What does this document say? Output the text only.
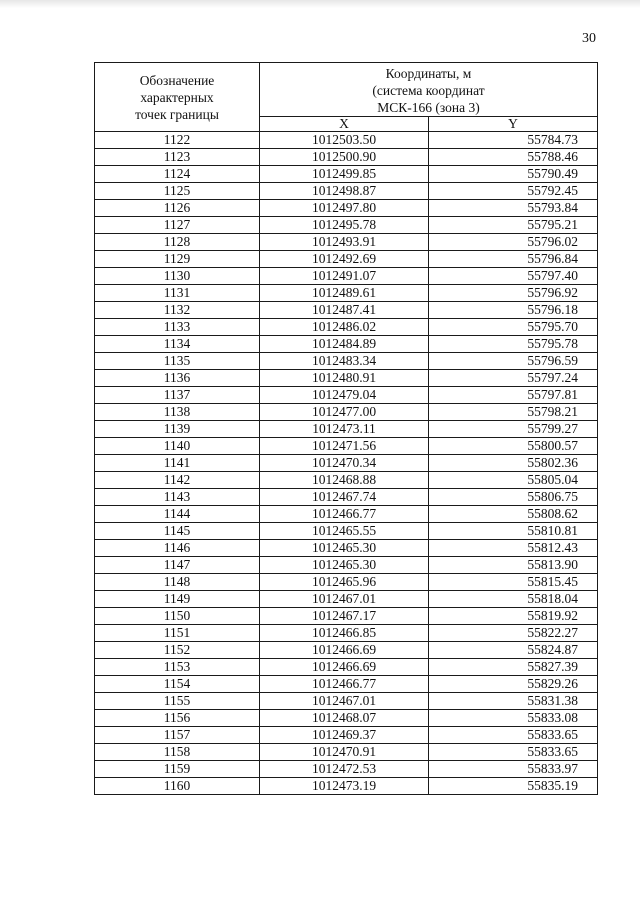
30
Обозначение
характерных
точек границы	Координаты, м
(система координат
МСК-166 (зона 3)	
	X	Y
1122	1012503.50	55784.73
1123	1012500.90	55788.46
1124	1012499.85	55790.49
1125	1012498.87	55792.45
1126	1012497.80	55793.84
1127	1012495.78	55795.21
1128	1012493.91	55796.02
1129	1012492.69	55796.84
1130	1012491.07	55797.40
1131	1012489.61	55796.92
1132	1012487.41	55796.18
1133	1012486.02	55795.70
1134	1012484.89	55795.78
1135	1012483.34	55796.59
1136	1012480.91	55797.24
1137	1012479.04	55797.81
1138	1012477.00	55798.21
1139	1012473.11	55799.27
1140	1012471.56	55800.57
1141	1012470.34	55802.36
1142	1012468.88	55805.04
1143	1012467.74	55806.75
1144	1012466.77	55808.62
1145	1012465.55	55810.81
1146	1012465.30	55812.43
1147	1012465.30	55813.90
1148	1012465.96	55815.45
1149	1012467.01	55818.04
1150	1012467.17	55819.92
1151	1012466.85	55822.27
1152	1012466.69	55824.87
1153	1012466.69	55827.39
1154	1012466.77	55829.26
1155	1012467.01	55831.38
1156	1012468.07	55833.08
1157	1012469.37	55833.65
1158	1012470.91	55833.65
1159	1012472.53	55833.97
1160	1012473.19	55835.19
